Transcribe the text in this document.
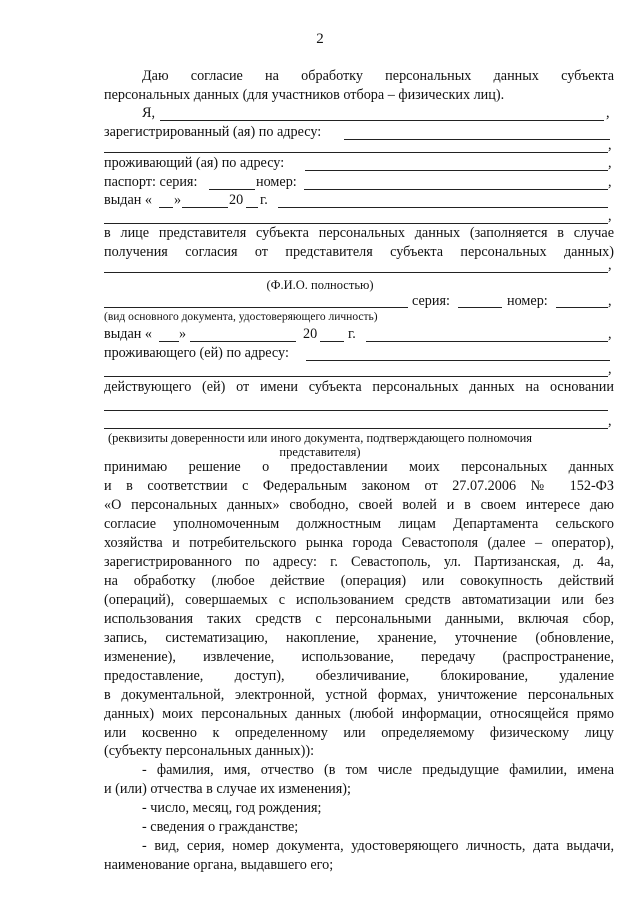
2
Даю согласие на обработку персональных данных субъекта
персональных данных (для участников отбора – физических лиц).
Я,	,
зарегистрированный (ая) по адресу:
,
проживающий (ая) по адресу:	,
паспорт: серия:	номер:	,
выдан « »	20 г.
,
в лице представителя субъекта персональных данных (заполняется в случае
получения согласия от представителя субъекта персональных данных)
,
(Ф.И.О. полностью)
серия:	номер:	,
(вид основного документа, удостоверяющего личность)
выдан « »	20 г.	,
проживающего (ей) по адресу:
,
действующего (ей) от имени субъекта персональных данных на основании
,
(реквизиты доверенности или иного документа, подтверждающего полномочия
представителя)
принимаю решение о предоставлении моих персональных данных
и в соответствии с Федеральным законом от 27.07.2006 № 152-ФЗ
«О персональных данных» свободно, своей волей и в своем интересе даю
согласие уполномоченным должностным лицам Департамента сельского
хозяйства и потребительского рынка города Севастополя (далее – оператор),
зарегистрированного по адресу: г. Севастополь, ул. Партизанская, д. 4а,
на обработку (любое действие (операция) или совокупность действий
(операций), совершаемых с использованием средств автоматизации или без
использования таких средств с персональными данными, включая сбор,
запись, систематизацию, накопление, хранение, уточнение (обновление,
изменение), извлечение, использование, передачу (распространение,
предоставление, доступ), обезличивание, блокирование, удаление
в документальной, электронной, устной формах, уничтожение персональных
данных) моих персональных данных (любой информации, относящейся прямо
или косвенно к определенному или определяемому физическому лицу
(субъекту персональных данных)):
- фамилия, имя, отчество (в том числе предыдущие фамилии, имена
и (или) отчества в случае их изменения);
- число, месяц, год рождения;
- сведения о гражданстве;
- вид, серия, номер документа, удостоверяющего личность, дата выдачи,
наименование органа, выдавшего его;
